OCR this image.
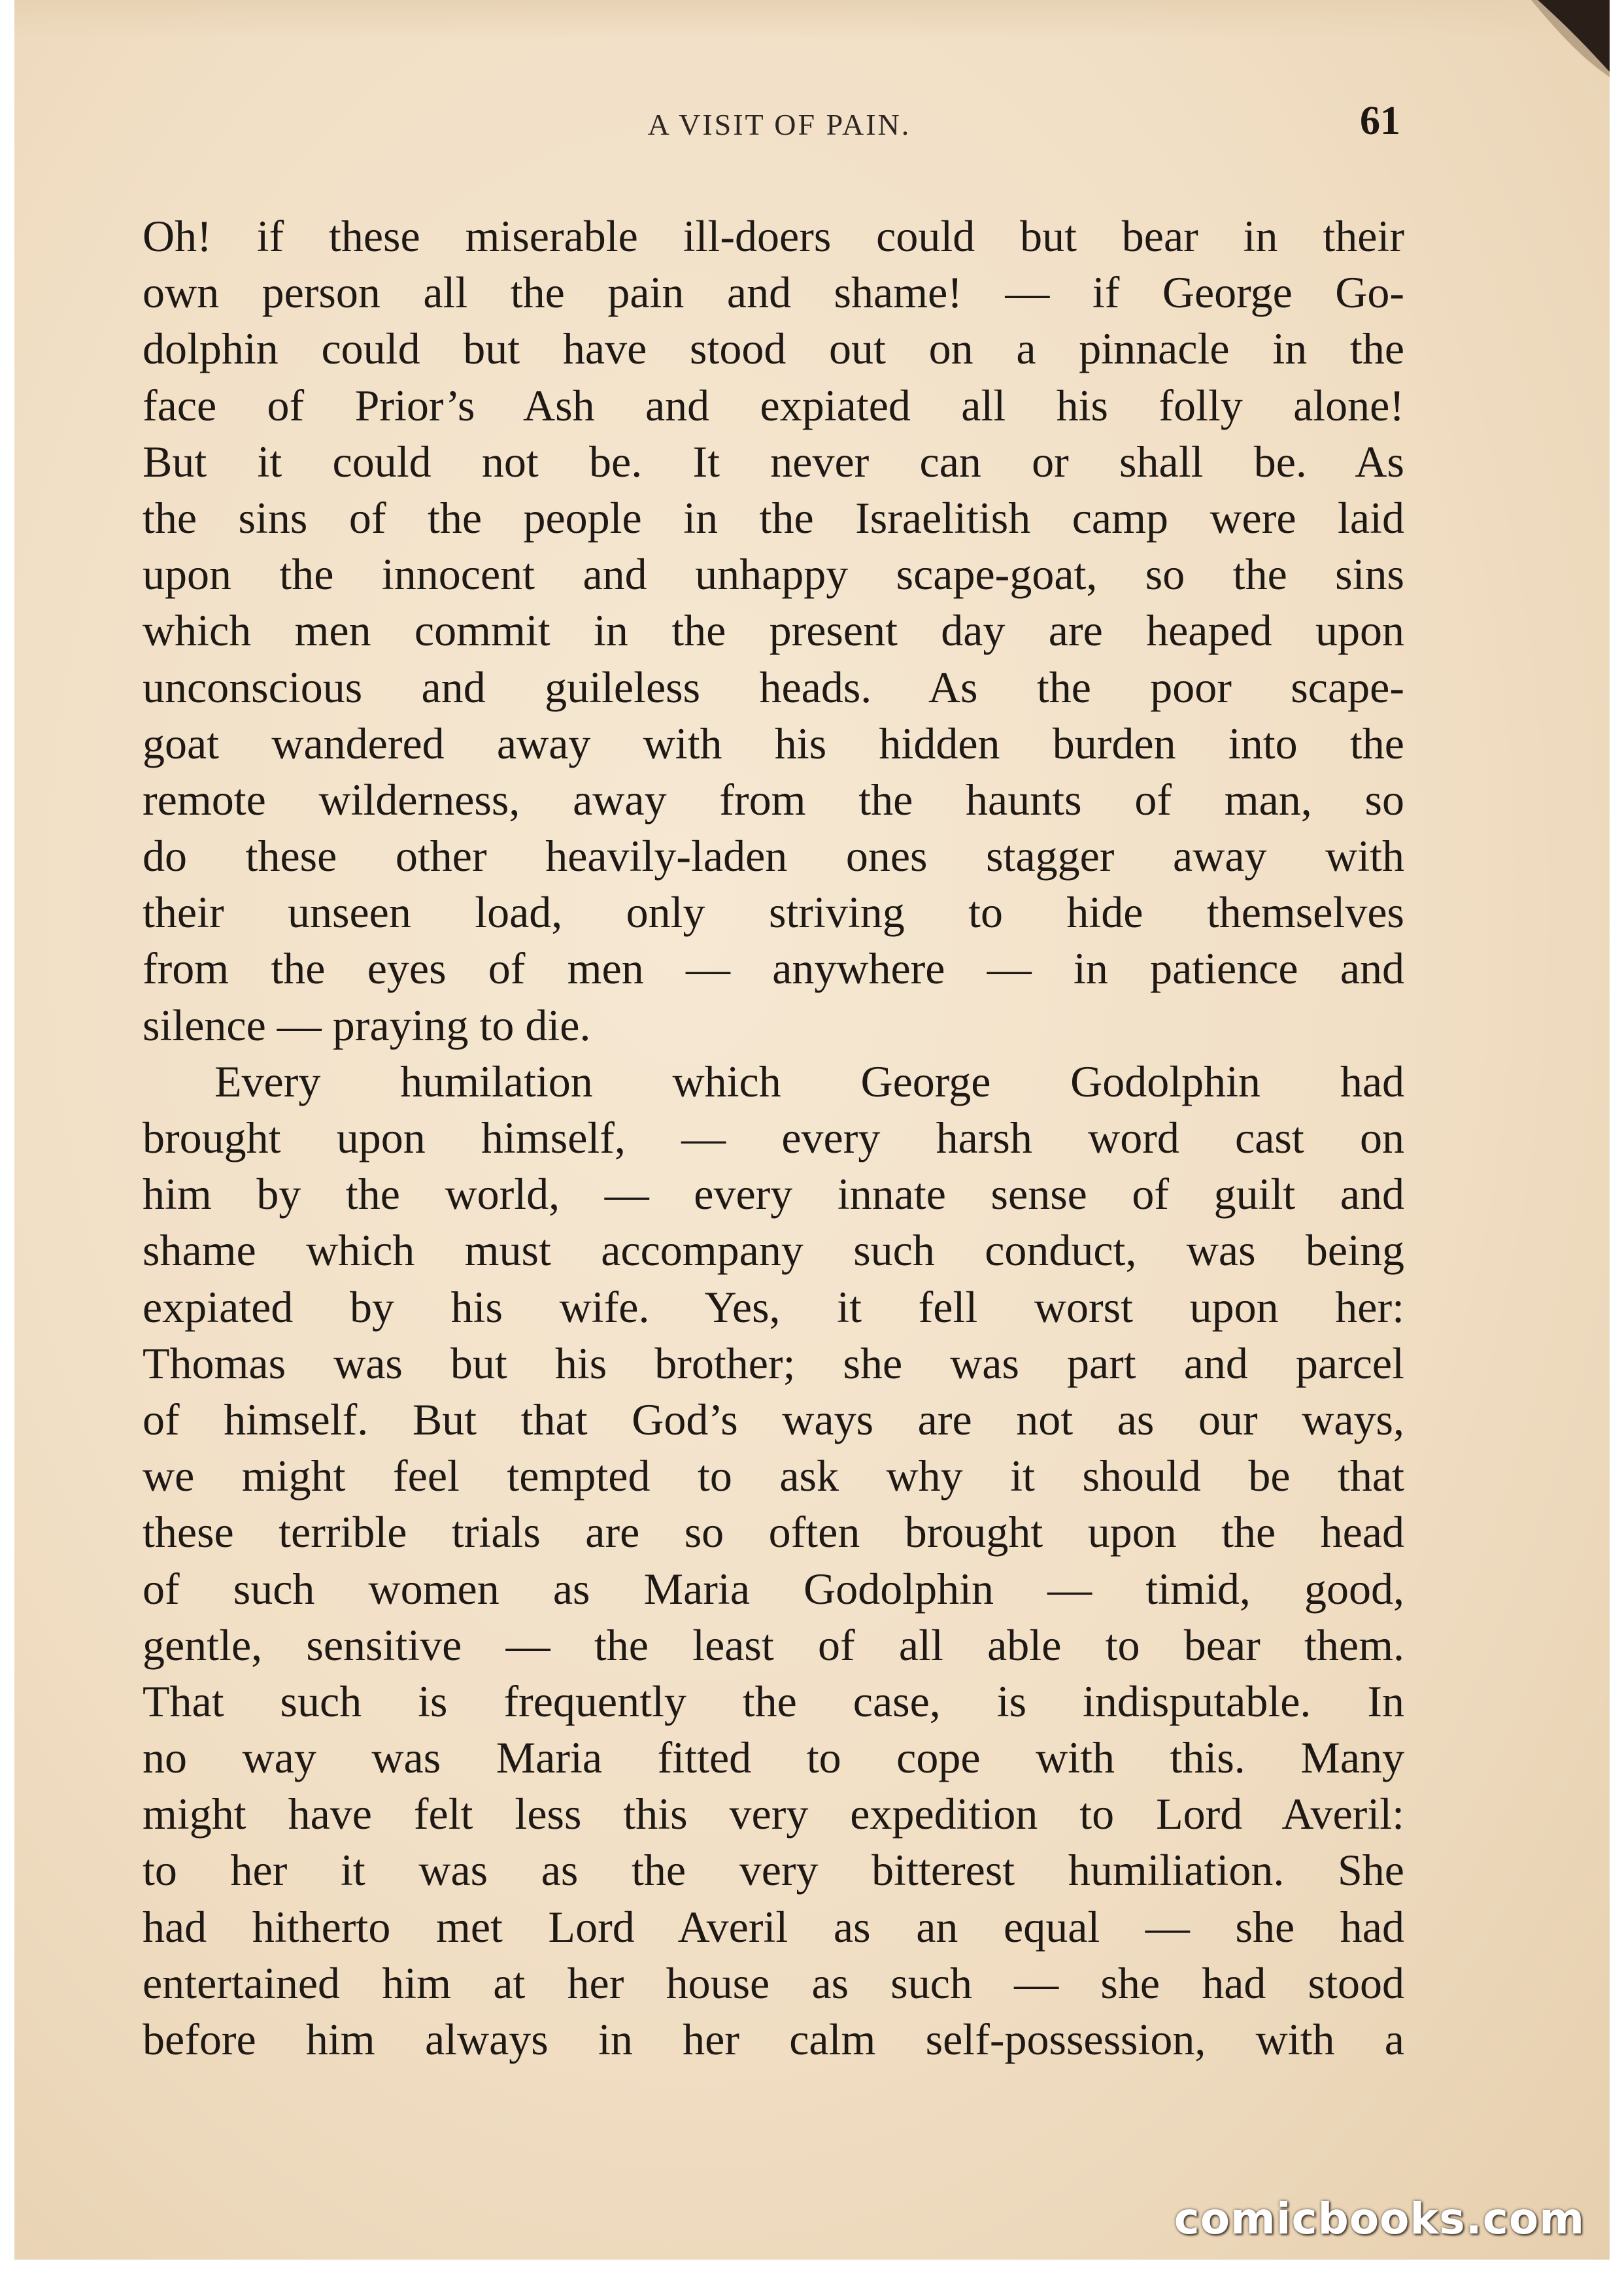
A VISIT OF PAIN.	61
Oh! if these miserable ill-doers could but bear in their
own person all the pain and shame! — if George Go-
dolphin could but have stood out on a pinnacle in the
face of Prior’s Ash and expiated all his folly alone!
But it could not be. It never can or shall be. As
the sins of the people in the Israelitish camp were laid
upon the innocent and unhappy scape-goat, so the sins
which men commit in the present day are heaped upon
unconscious and guileless heads. As the poor scape-
goat wandered away with his hidden burden into the
remote wilderness, away from the haunts of man, so
do these other heavily-laden ones stagger away with
their unseen load, only striving to hide themselves
from the eyes of men — anywhere — in patience and
silence — praying to die.
Every humilation which George Godolphin had
brought upon himself, — every harsh word cast on
him by the world, — every innate sense of guilt and
shame which must accompany such conduct, was being
expiated by his wife. Yes, it fell worst upon her:
Thomas was but his brother; she was part and parcel
of himself. But that God’s ways are not as our ways,
we might feel tempted to ask why it should be that
these terrible trials are so often brought upon the head
of such women as Maria Godolphin — timid, good,
gentle, sensitive — the least of all able to bear them.
That such is frequently the case, is indisputable. In
no way was Maria fitted to cope with this. Many
might have felt less this very expedition to Lord Averil:
to her it was as the very bitterest humiliation. She
had hitherto met Lord Averil as an equal — she had
entertained him at her house as such — she had stood
before him always in her calm self-possession, with a
comicbooks.com
